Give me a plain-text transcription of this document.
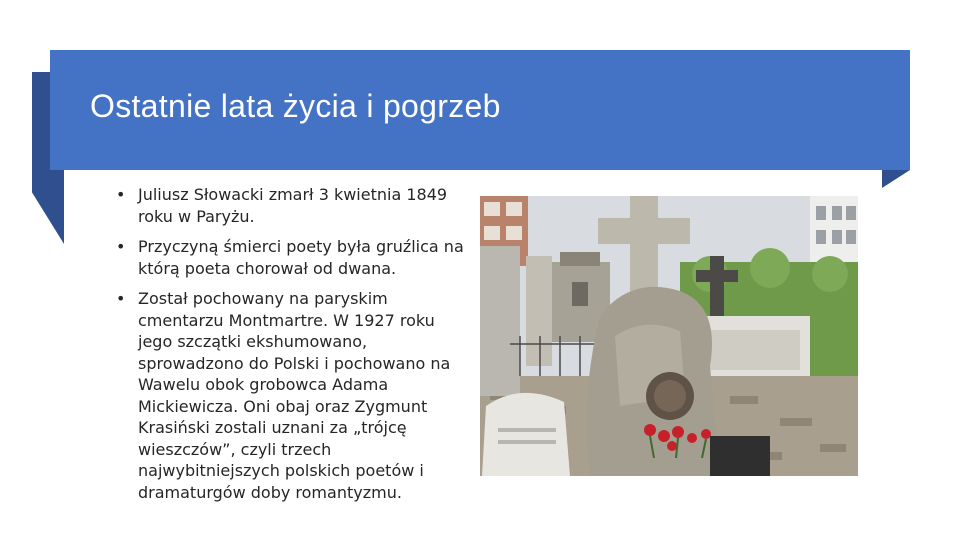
Ostatnie lata życia i pogrzeb
• Juliusz Słowacki zmarł 3 kwietnia 1849 roku w Paryżu.
• Przyczyną śmierci poety była gruźlica na którą poeta chorował od dwana.
• Został pochowany na paryskim cmentarzu Montmartre. W 1927 roku jego szczątki ekshumowano, sprowadzono do Polski i pochowano na Wawelu obok grobowca Adama Mickiewicza. Oni obaj oraz Zygmunt Krasiński zostali uznani za „trójcę wieszczów”, czyli trzech najwybitniejszych polskich poetów i dramaturgów doby romantyzmu.
